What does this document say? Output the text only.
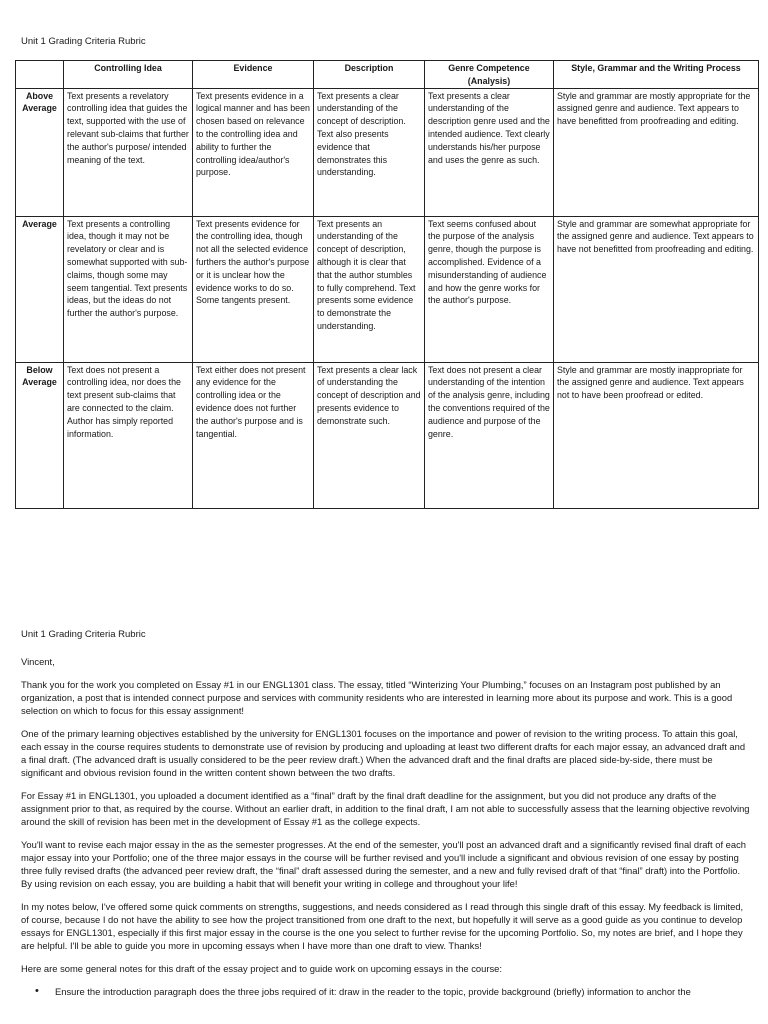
Unit 1 Grading Criteria Rubric
	Controlling Idea	Evidence	Description	Genre Competence (Analysis)	Style, Grammar and the Writing Process
Above Average	Text presents a revelatory controlling idea that guides the text, supported with the use of relevant sub-claims that further the author's purpose/ intended meaning of the text.	Text presents evidence in a logical manner and has been chosen based on relevance to the controlling idea and ability to further the controlling idea/author's purpose.	Text presents a clear understanding of the concept of description. Text also presents evidence that demonstrates this understanding.	Text presents a clear understanding of the description genre used and the intended audience. Text clearly understands his/her purpose and uses the genre as such.	Style and grammar are mostly appropriate for the assigned genre and audience. Text appears to have benefitted from proofreading and editing.
Average	Text presents a controlling idea, though it may not be revelatory or clear and is somewhat supported with sub-claims, though some may seem tangential. Text presents ideas, but the ideas do not further the author's purpose.	Text presents evidence for the controlling idea, though not all the selected evidence furthers the author's purpose or it is unclear how the evidence works to do so. Some tangents present.	Text presents an understanding of the concept of description, although it is clear that that the author stumbles to fully comprehend. Text presents some evidence to demonstrate the understanding.	Text seems confused about the purpose of the analysis genre, though the purpose is accomplished. Evidence of a misunderstanding of audience and how the genre works for the author's purpose.	Style and grammar are somewhat appropriate for the assigned genre and audience. Text appears to have not benefitted from proofreading and editing.
Below Average	Text does not present a controlling idea, nor does the text present sub-claims that are connected to the claim. Author has simply reported information.	Text either does not present any evidence for the controlling idea or the evidence does not further the author's purpose and is tangential.	Text presents a clear lack of understanding the concept of description and presents evidence to demonstrate such.	Text does not present a clear understanding of the intention of the analysis genre, including the conventions required of the audience and purpose of the genre.	Style and grammar are mostly inappropriate for the assigned genre and audience. Text appears not to have been proofread or edited.
Unit 1 Grading Criteria Rubric

Vincent,

Thank you for the work you completed on Essay #1 in our ENGL1301 class. The essay, titled “Winterizing Your Plumbing,” focuses on an Instagram post published by an organization, a post that is intended connect purpose and services with community residents who are interested in learning more about its purpose and work. This is a good selection on which to focus for this essay assignment!

One of the primary learning objectives established by the university for ENGL1301 focuses on the importance and power of revision to the writing process. To attain this goal, each essay in the course requires students to demonstrate use of revision by producing and uploading at least two different drafts for each major essay, an advanced draft and a final draft. (The advanced draft is usually considered to be the peer review draft.) When the advanced draft and the final drafts are placed side-by-side, there must be significant and obvious revision found in the written content shown between the two drafts.

For Essay #1 in ENGL1301, you uploaded a document identified as a “final” draft by the final draft deadline for the assignment, but you did not produce any drafts of the assignment prior to that, as required by the course. Without an earlier draft, in addition to the final draft, I am not able to successfully assess that the learning objective revolving around the skill of revision has been met in the development of Essay #1 as the college expects.

You'll want to revise each major essay in the as the semester progresses. At the end of the semester, you'll post an advanced draft and a significantly revised final draft of each major essay into your Portfolio; one of the three major essays in the course will be further revised and you'll include a significant and obvious revision of one essay by posting three fully revised drafts (the advanced peer review draft, the “final” draft assessed during the semester, and a new and fully revised draft of that “final” draft) into the Portfolio. By using revision on each essay, you are building a habit that will benefit your writing in college and throughout your life!

In my notes below, I've offered some quick comments on strengths, suggestions, and needs considered as I read through this single draft of this essay. My feedback is limited, of course, because I do not have the ability to see how the project transitioned from one draft to the next, but hopefully it will serve as a good guide as you continue to develop essays for ENGL1301, especially if this first major essay in the course is the one you select to further revise for the upcoming Portfolio. So, my notes are brief, and I hope they are helpful. I'll be able to guide you more in upcoming essays when I have more than one draft to view. Thanks!

Here are some general notes for this draft of the essay project and to guide work on upcoming essays in the course:

• Ensure the introduction paragraph does the three jobs required of it: draw in the reader to the topic, provide background (briefly) information to anchor the
